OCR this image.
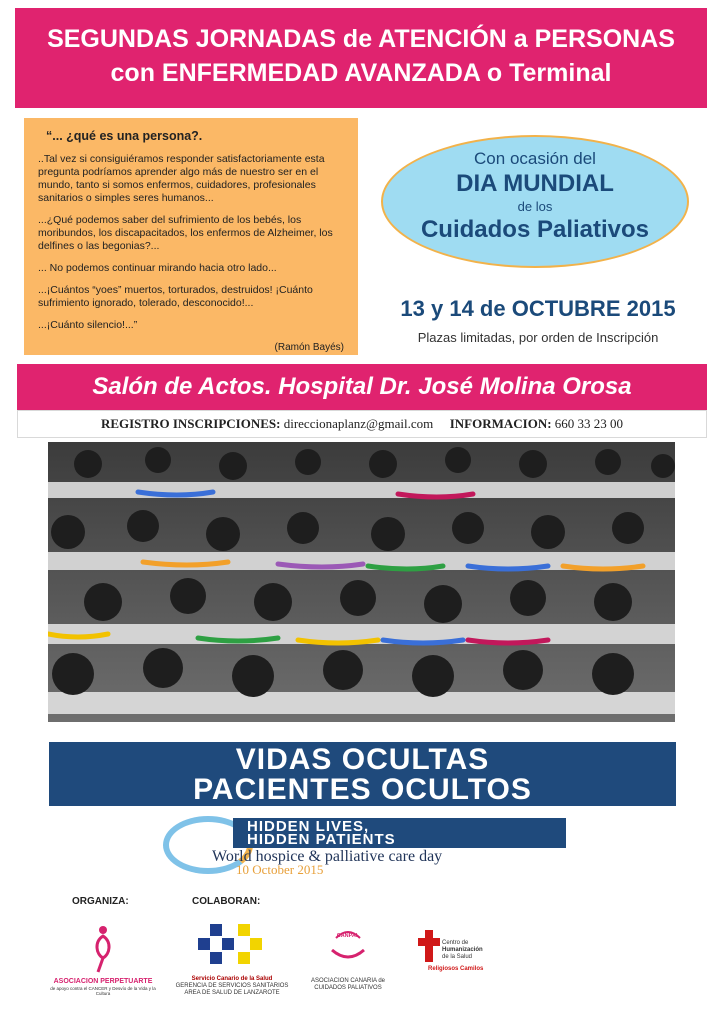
SEGUNDAS JORNADAS de ATENCIÓN a PERSONAS
con ENFERMEDAD AVANZADA o Terminal
“... ¿qué es una persona?.

..Tal vez si consiguiéramos responder satisfactoriamente esta pregunta podríamos aprender algo más de nuestro ser en el mundo, tanto si somos enfermos, cuidadores, profesionales sanitarios o simples seres humanos...

...¿Qué podemos saber del sufrimiento de los bebés, los moribundos, los discapacitados, los enfermos de Alzheimer, los delfines o las begonias?...

... No podemos continuar mirando hacia otro lado...

...¡Cuántos “yoes” muertos, torturados, destruidos! ¡Cuánto sufrimiento ignorado, tolerado, desconocido!...

...¡Cuánto silencio!...”

(Ramón Bayés)
Con ocasión del
DIA MUNDIAL
de los
Cuidados Paliativos
13 y 14 de OCTUBRE 2015
Plazas limitadas, por orden de Inscripción
Salón de Actos. Hospital Dr. José Molina Orosa
REGISTRO INSCRIPCIONES: direccionaplanz@gmail.com INFORMACION: 660 33 23 00
VIDAS OCULTAS
PACIENTES OCULTOS
HIDDEN LIVES,
HIDDEN PATIENTS
World hospice & palliative care day
10 October 2015
ORGANIZA:	COLABORAN:
ASOCIACION PERPETUARTE
de apoyo contra el CANCER y Desvío de la Vida y la Cultura
Servicio Canario de la Salud
GERENCIA DE SERVICIOS SANITARIOS
AREA DE SALUD DE LANZAROTE
CANPAL
ASOCIACION CANARIA de
CUIDADOS PALIATIVOS
Centro de
Humanización
de la Salud
Religiosos Camilos
